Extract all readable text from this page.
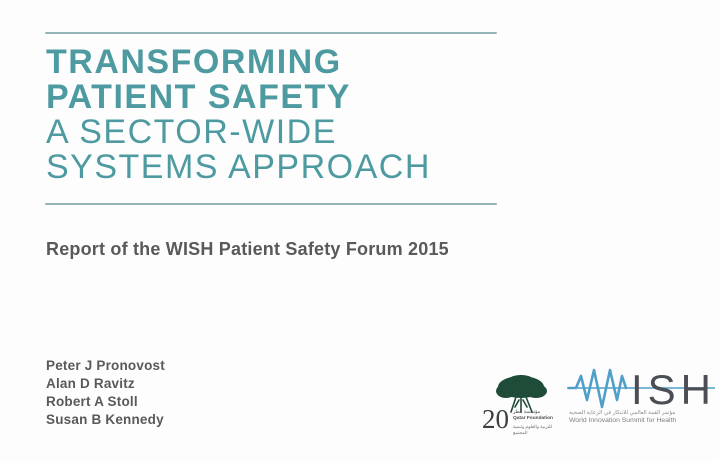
TRANSFORMING
PATIENT SAFETY
A SECTOR-WIDE
SYSTEMS APPROACH
Report of the WISH Patient Safety Forum 2015
Peter J Pronovost
Alan D Ravitz
Robert A Stoll
Susan B Kennedy	20 مؤسسة قطر
Qatar Foundation
للتربية والعلوم وتنمية المجتمع
ISH
مؤتمر القمة العالمي للابتكار في الرعاية الصحية
World Innovation Summit for Health
